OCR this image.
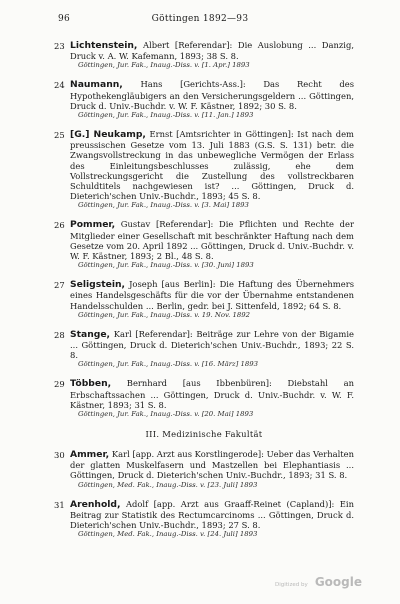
Göttingen 1892—93
96
23 Lichtenstein, Albert [Referendar]: Die Auslobung ... Danzig, Druck v. A. W. Kafemann, 1893; 38 S. 8.
Göttingen, Jur. Fak., Inaug.-Diss. v. [1. Apr.] 1893
24 Naumann, Hans [Gerichts-Ass.]: Das Recht des Hypothekengläubigers an den Versicherungsgeldern ... Göttingen, Druck d. Univ.-Buchdr. v. W. F. Kästner, 1892; 30 S. 8.
Göttingen, Jur. Fak., Inaug.-Diss. v. [11. Jan.] 1893
25 [G.] Neukamp, Ernst [Amtsrichter in Göttingen]: Ist nach dem preussischen Gesetze vom 13. Juli 1883 (G.S. S. 131) betr. die Zwangsvollstreckung in das unbewegliche Vermögen der Erlass des Einleitungsbeschlusses zulässig, ehe dem Vollstreckungsgericht die Zustellung des vollstreckbaren Schuldtitels nachgewiesen ist? ... Göttingen, Druck d. Dieterich'schen Univ.-Buchdr., 1893; 45 S. 8.
Göttingen, Jur. Fak., Inaug.-Diss. v. [3. Mai] 1893
26 Pommer, Gustav [Referendar]: Die Pflichten und Rechte der Mitglieder einer Gesellschaft mit beschränkter Haftung nach dem Gesetze vom 20. April 1892 ... Göttingen, Druck d. Univ.-Buchdr. v. W. F. Kästner, 1893; 2 Bl., 48 S. 8.
Göttingen, Jur. Fak., Inaug.-Diss. v. [30. Juni] 1893
27 Seligstein, Joseph [aus Berlin]: Die Haftung des Übernehmers eines Handelsgeschäfts für die vor der Übernahme entstandenen Handelsschulden ... Berlin, gedr. bei J. Sittenfeld, 1892; 64 S. 8.
Göttingen, Jur. Fak., Inaug.-Diss. v. 19. Nov. 1892
28 Stange, Karl [Referendar]: Beiträge zur Lehre von der Bigamie ... Göttingen, Druck d. Dieterich'schen Univ.-Buchdr., 1893; 22 S. 8.
Göttingen, Jur. Fak., Inaug.-Diss. v. [16. März] 1893
29 Többen, Bernhard [aus Ibbenbüren]: Diebstahl an Erbschaftssachen ... Göttingen, Druck d. Univ.-Buchdr. v. W. F. Kästner, 1893; 31 S. 8.
Göttingen, Jur. Fak., Inaug.-Diss. v. [20. Mai] 1893
III. Medizinische Fakultät
30 Ammer, Karl [app. Arzt aus Korstlingerode]: Ueber das Verhalten der glatten Muskelfasern und Mastzellen bei Elephantiasis ... Göttingen, Druck d. Dieterich'schen Univ.-Buchdr., 1893; 31 S. 8.
Göttingen, Med. Fak., Inaug.-Diss. v. [23. Juli] 1893
31 Arenhold, Adolf [app. Arzt aus Graaff-Reinet (Capland)]: Ein Beitrag zur Statistik des Rectumcarcinoms ... Göttingen, Druck d. Dieterich'schen Univ.-Buchdr., 1893; 27 S. 8.
Göttingen, Med. Fak., Inaug.-Diss. v. [24. Juli] 1893
Digitized by Google
